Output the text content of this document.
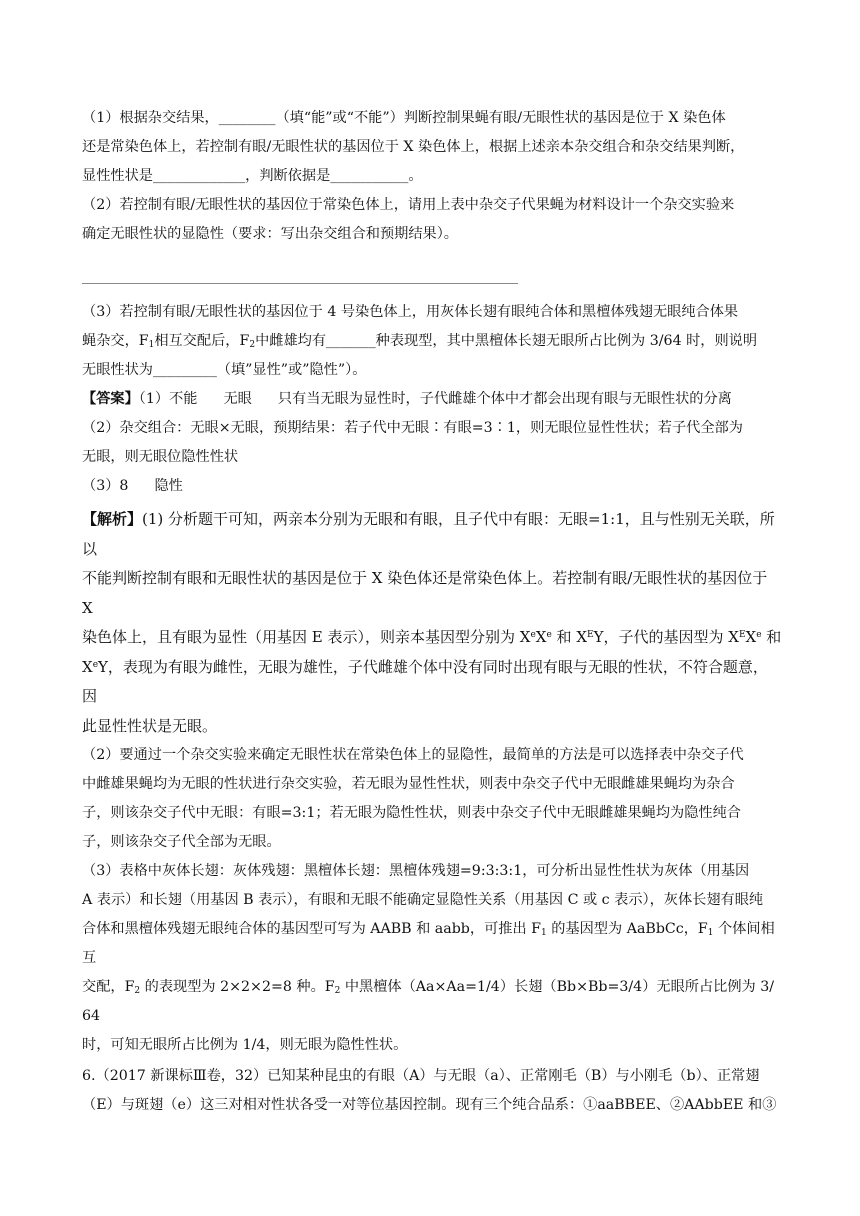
（1）根据杂交结果，________（填“能”或“不能”）判断控制果蝇有眼/无眼性状的基因是位于 X 染色体

还是常染色体上，若控制有眼/无眼性状的基因位于 X 染色体上，根据上述亲本杂交组合和杂交结果判断，

显性性状是_____________，判断依据是___________。

（2）若控制有眼/无眼性状的基因位于常染色体上，请用上表中杂交子代果蝇为材料设计一个杂交实验来

确定无眼性状的显隐性（要求：写出杂交组合和预期结果）。

（3）若控制有眼/无眼性状的基因位于 4 号染色体上，用灰体长翅有眼纯合体和黑檀体残翅无眼纯合体果

蝇杂交，$F_1$相互交配后，$F_2$中雌雄均有_______种表现型，其中黑檀体长翅无眼所占比例为 3/64 时，则说明

无眼性状为_________（填”显性”或”隐性”）。

【答案】（1）不能 无眼 只有当无眼为显性时，子代雌雄个体中才都会出现有眼与无眼性状的分离

（2）杂交组合：无眼×无眼，预期结果：若子代中无眼∶有眼=3∶1，则无眼位显性性状；若子代全部为

无眼，则无眼位隐性性状

（3）8 隐性

【解析】(1) 分析题干可知，两亲本分别为无眼和有眼，且子代中有眼：无眼=1:1，且与性别无关联，所以

不能判断控制有眼和无眼性状的基因是位于 X 染色体还是常染色体上。若控制有眼/无眼性状的基因位于 X

染色体上，且有眼为显性（用基因 E 表示），则亲本基因型分别为 XeXe 和 $X^EY$，子代的基因型为 $X^EXe$ 和

XeY，表现为有眼为雌性，无眼为雄性，子代雌雄个体中没有同时出现有眼与无眼的性状，不符合题意，因

此显性性状是无眼。

（2）要通过一个杂交实验来确定无眼性状在常染色体上的显隐性，最简单的方法是可以选择表中杂交子代

中雌雄果蝇均为无眼的性状进行杂交实验，若无眼为显性性状，则表中杂交子代中无眼雌雄果蝇均为杂合

子，则该杂交子代中无眼：有眼=3:1；若无眼为隐性性状，则表中杂交子代中无眼雌雄果蝇均为隐性纯合

子，则该杂交子代全部为无眼。

（3）表格中灰体长翅：灰体残翅：黑檀体长翅：黑檀体残翅=9:3:3:1，可分析出显性性状为灰体（用基因

A 表示）和长翅（用基因 B 表示），有眼和无眼不能确定显隐性关系（用基因 C 或 c 表示），灰体长翅有眼纯

合体和黑檀体残翅无眼纯合体的基因型可写为 AABB 和 aabb，可推出 $F_1$ 的基因型为 AaBbCc，$F_1$ 个体间相互

交配，$F_2$ 的表现型为 2×2×2=8 种。$F_2$ 中黑檀体（Aa×Aa=1/4）长翅（Bb×Bb=3/4）无眼所占比例为 3/64

时，可知无眼所占比例为 1/4，则无眼为隐性性状。

6.（2017 新课标Ⅲ卷，32）已知某种昆虫的有眼（A）与无眼（a）、正常刚毛（B）与小刚毛（b）、正常翅

（E）与斑翅（e）这三对相对性状各受一对等位基因控制。现有三个纯合品系：①aaBBEE、②AAbbEE 和③
